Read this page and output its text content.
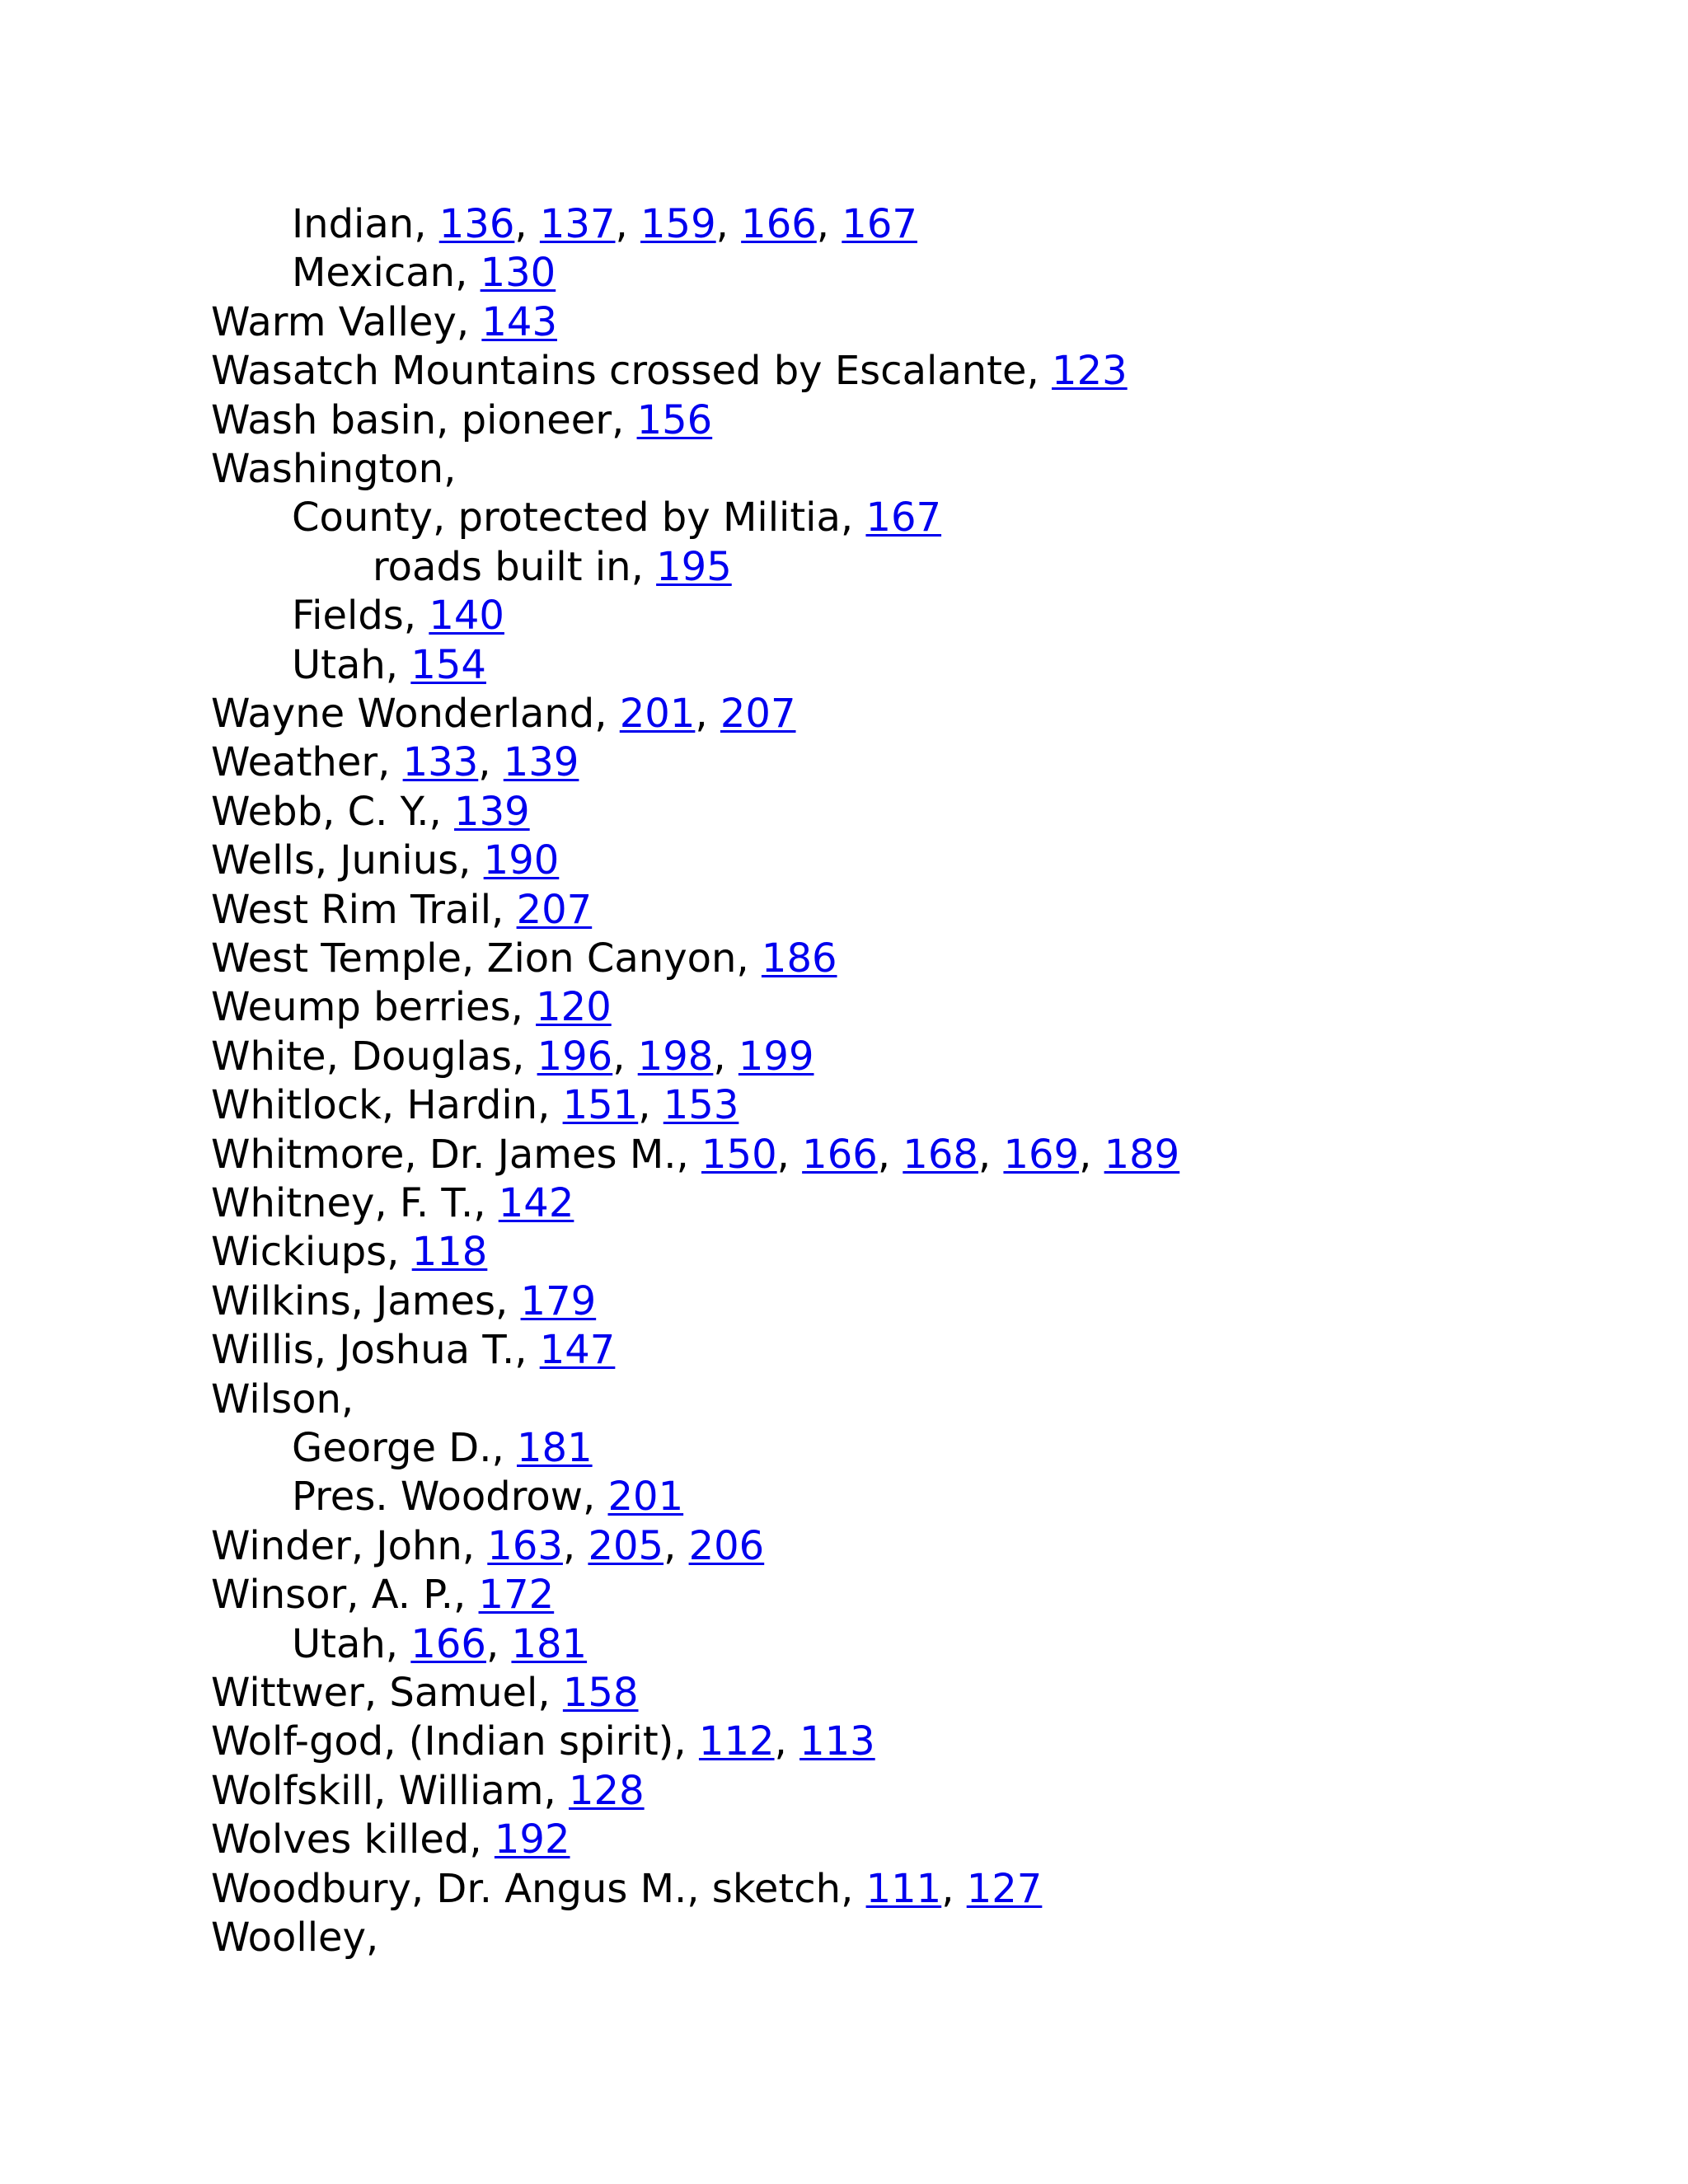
Indian, 136, 137, 159, 166, 167
Mexican, 130
Warm Valley, 143
Wasatch Mountains crossed by Escalante, 123
Wash basin, pioneer, 156
Washington,
County, protected by Militia, 167
roads built in, 195
Fields, 140
Utah, 154
Wayne Wonderland, 201, 207
Weather, 133, 139
Webb, C. Y., 139
Wells, Junius, 190
West Rim Trail, 207
West Temple, Zion Canyon, 186
Weump berries, 120
White, Douglas, 196, 198, 199
Whitlock, Hardin, 151, 153
Whitmore, Dr. James M., 150, 166, 168, 169, 189
Whitney, F. T., 142
Wickiups, 118
Wilkins, James, 179
Willis, Joshua T., 147
Wilson,
George D., 181
Pres. Woodrow, 201
Winder, John, 163, 205, 206
Winsor, A. P., 172
Utah, 166, 181
Wittwer, Samuel, 158
Wolf-god, (Indian spirit), 112, 113
Wolfskill, William, 128
Wolves killed, 192
Woodbury, Dr. Angus M., sketch, 111, 127
Woolley,
